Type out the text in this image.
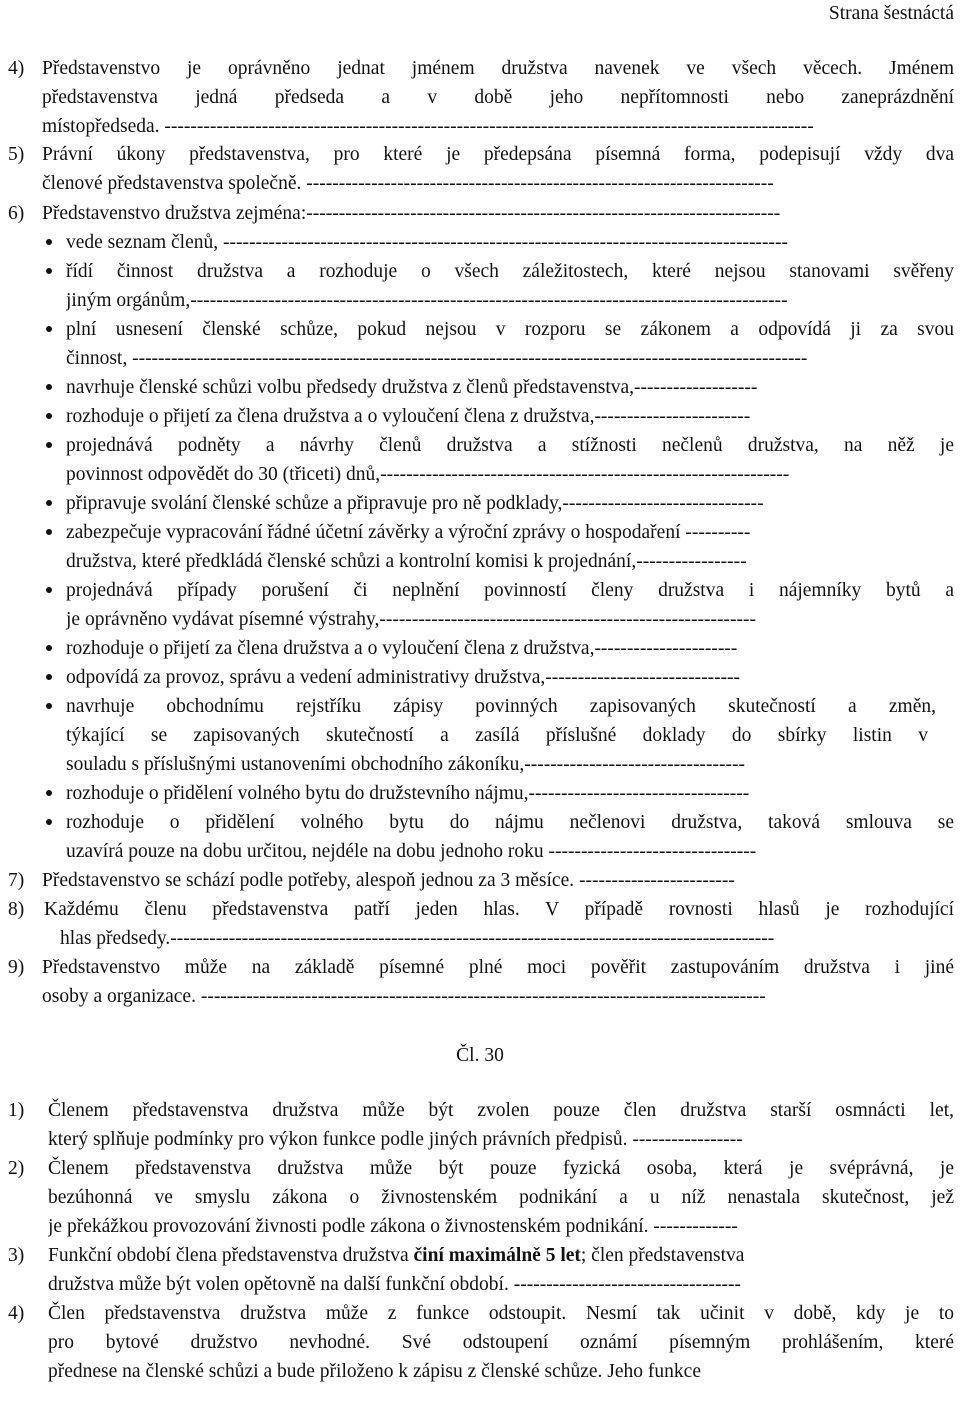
Strana šestnáctá
4) Představenstvo je oprávněno jednat jménem družstva navenek ve všech věcech. Jménem
představenstva jedná předseda a v době jeho nepřítomnosti nebo zaneprázdnění
místopředseda. ----------------------------------------------------------------------------------------------------
5) Právní úkony představenstva, pro které je předepsána písemná forma, podepisují vždy dva
členové představenstva společně. ------------------------------------------------------------------------
6) Představenstvo družstva zejména:-------------------------------------------------------------------------
vede seznam členů, ---------------------------------------------------------------------------------------
řídí činnost družstva a rozhoduje o všech záležitostech, které nejsou stanovami svěřeny
jiným orgánům,--------------------------------------------------------------------------------------------
plní usnesení členské schůze, pokud nejsou v rozporu se zákonem a odpovídá ji za svou
činnost, --------------------------------------------------------------------------------------------------------
navrhuje členské schůzi volbu předsedy družstva z členů představenstva,-------------------
rozhoduje o přijetí za člena družstva a o vyloučení člena z družstva,------------------------
projednává podněty a návrhy členů družstva a stížnosti nečlenů družstva, na něž je
povinnost odpovědět do 30 (třiceti) dnů,---------------------------------------------------------------
připravuje svolání členské schůze a připravuje pro ně podklady,-------------------------------
zabezpečuje vypracování řádné účetní závěrky a výroční zprávy o hospodaření ----------
družstva, které předkládá členské schůzi a kontrolní komisi k projednání,-----------------
projednává případy porušení či neplnění povinností členy družstva i nájemníky bytů a
je oprávněno vydávat písemné výstrahy,----------------------------------------------------------
rozhoduje o přijetí za člena družstva a o vyloučení člena z družstva,----------------------
odpovídá za provoz, správu a vedení administrativy družstva,------------------------------
navrhuje obchodnímu rejstříku zápisy povinných zapisovaných skutečností a změn,
týkající se zapisovaných skutečností a zasílá příslušné doklady do sbírky listin v
souladu s příslušnými ustanoveními obchodního zákoníku,----------------------------------
rozhoduje o přidělení volného bytu do družstevního nájmu,----------------------------------
rozhoduje o přidělení volného bytu do nájmu nečlenovi družstva, taková smlouva se
uzavírá pouze na dobu určitou, nejdéle na dobu jednoho roku --------------------------------
7) Představenstvo se schází podle potřeby, alespoň jednou za 3 měsíce. ------------------------
8) Každému členu představenstva patří jeden hlas. V případě rovnosti hlasů je rozhodující
hlas předsedy.---------------------------------------------------------------------------------------------
9) Představenstvo může na základě písemné plné moci pověřit zastupováním družstva i jiné
osoby a organizace. ---------------------------------------------------------------------------------------
Čl. 30
1) Členem představenstva družstva může být zvolen pouze člen družstva starší osmnácti let,
který splňuje podmínky pro výkon funkce podle jiných právních předpisů. -----------------
2) Členem představenstva družstva může být pouze fyzická osoba, která je svéprávná, je
bezúhonná ve smyslu zákona o živnostenském podnikání a u níž nenastala skutečnost, jež
je překážkou provozování živnosti podle zákona o živnostenském podnikání. -------------
3) Funkční období člena představenstva družstva činí maximálně 5 let; člen představenstva
družstva může být volen opětovně na další funkční období. -----------------------------------
4) Člen představenstva družstva může z funkce odstoupit. Nesmí tak učinit v době, kdy je to
pro bytové družstvo nevhodné. Své odstoupení oznámí písemným prohlášením, které
přednese na členské schůzi a bude přiloženo k zápisu z členské schůze. Jeho funkce
